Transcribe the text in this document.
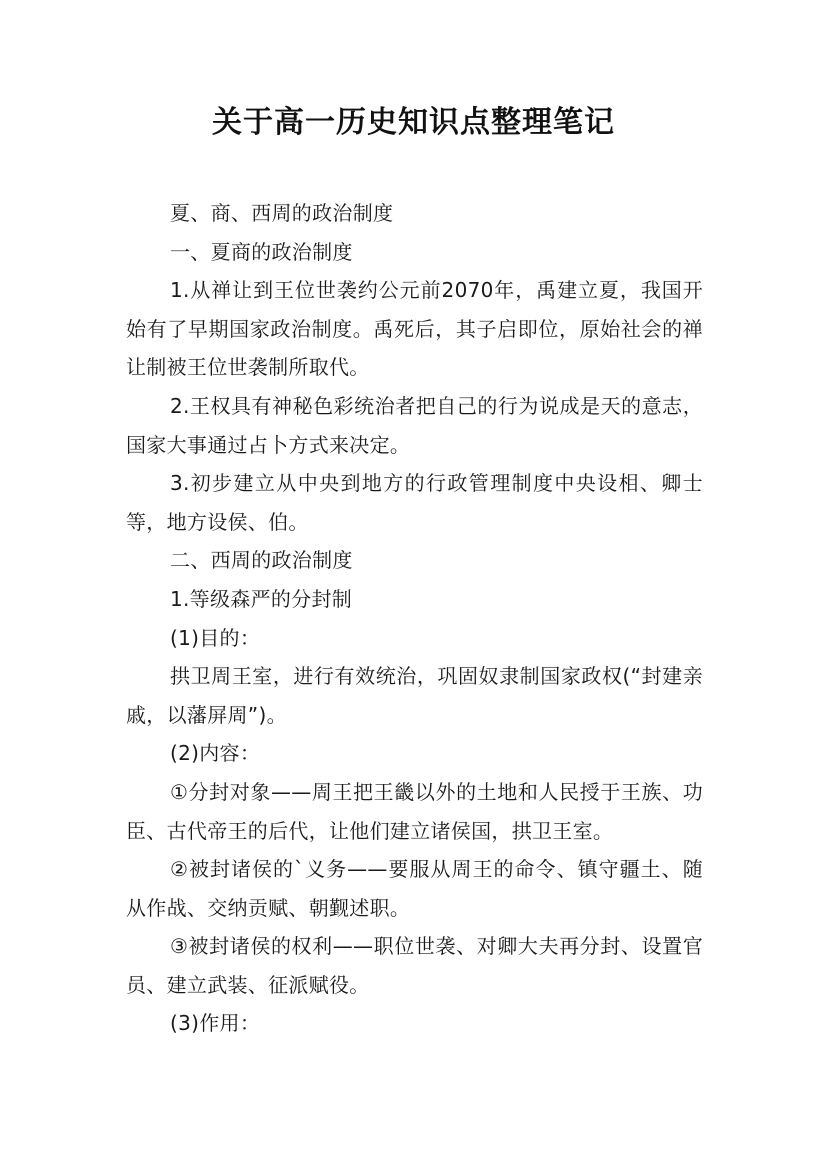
关于高一历史知识点整理笔记

夏、商、西周的政治制度

一、夏商的政治制度

1.从禅让到王位世袭约公元前2070年，禹建立夏，我国开始有了早期国家政治制度。禹死后，其子启即位，原始社会的禅让制被王位世袭制所取代。

2.王权具有神秘色彩统治者把自己的行为说成是天的意志，国家大事通过占卜方式来决定。

3.初步建立从中央到地方的行政管理制度中央设相、卿士等，地方设侯、伯。

二、西周的政治制度

1.等级森严的分封制

(1)目的：

拱卫周王室，进行有效统治，巩固奴隶制国家政权(“封建亲戚，以藩屏周”)。

(2)内容：

①分封对象——周王把王畿以外的土地和人民授于王族、功臣、古代帝王的后代，让他们建立诸侯国，拱卫王室。

②被封诸侯的`义务——要服从周王的命令、镇守疆土、随从作战、交纳贡赋、朝觐述职。

③被封诸侯的权利——职位世袭、对卿大夫再分封、设置官员、建立武装、征派赋役。

(3)作用：
